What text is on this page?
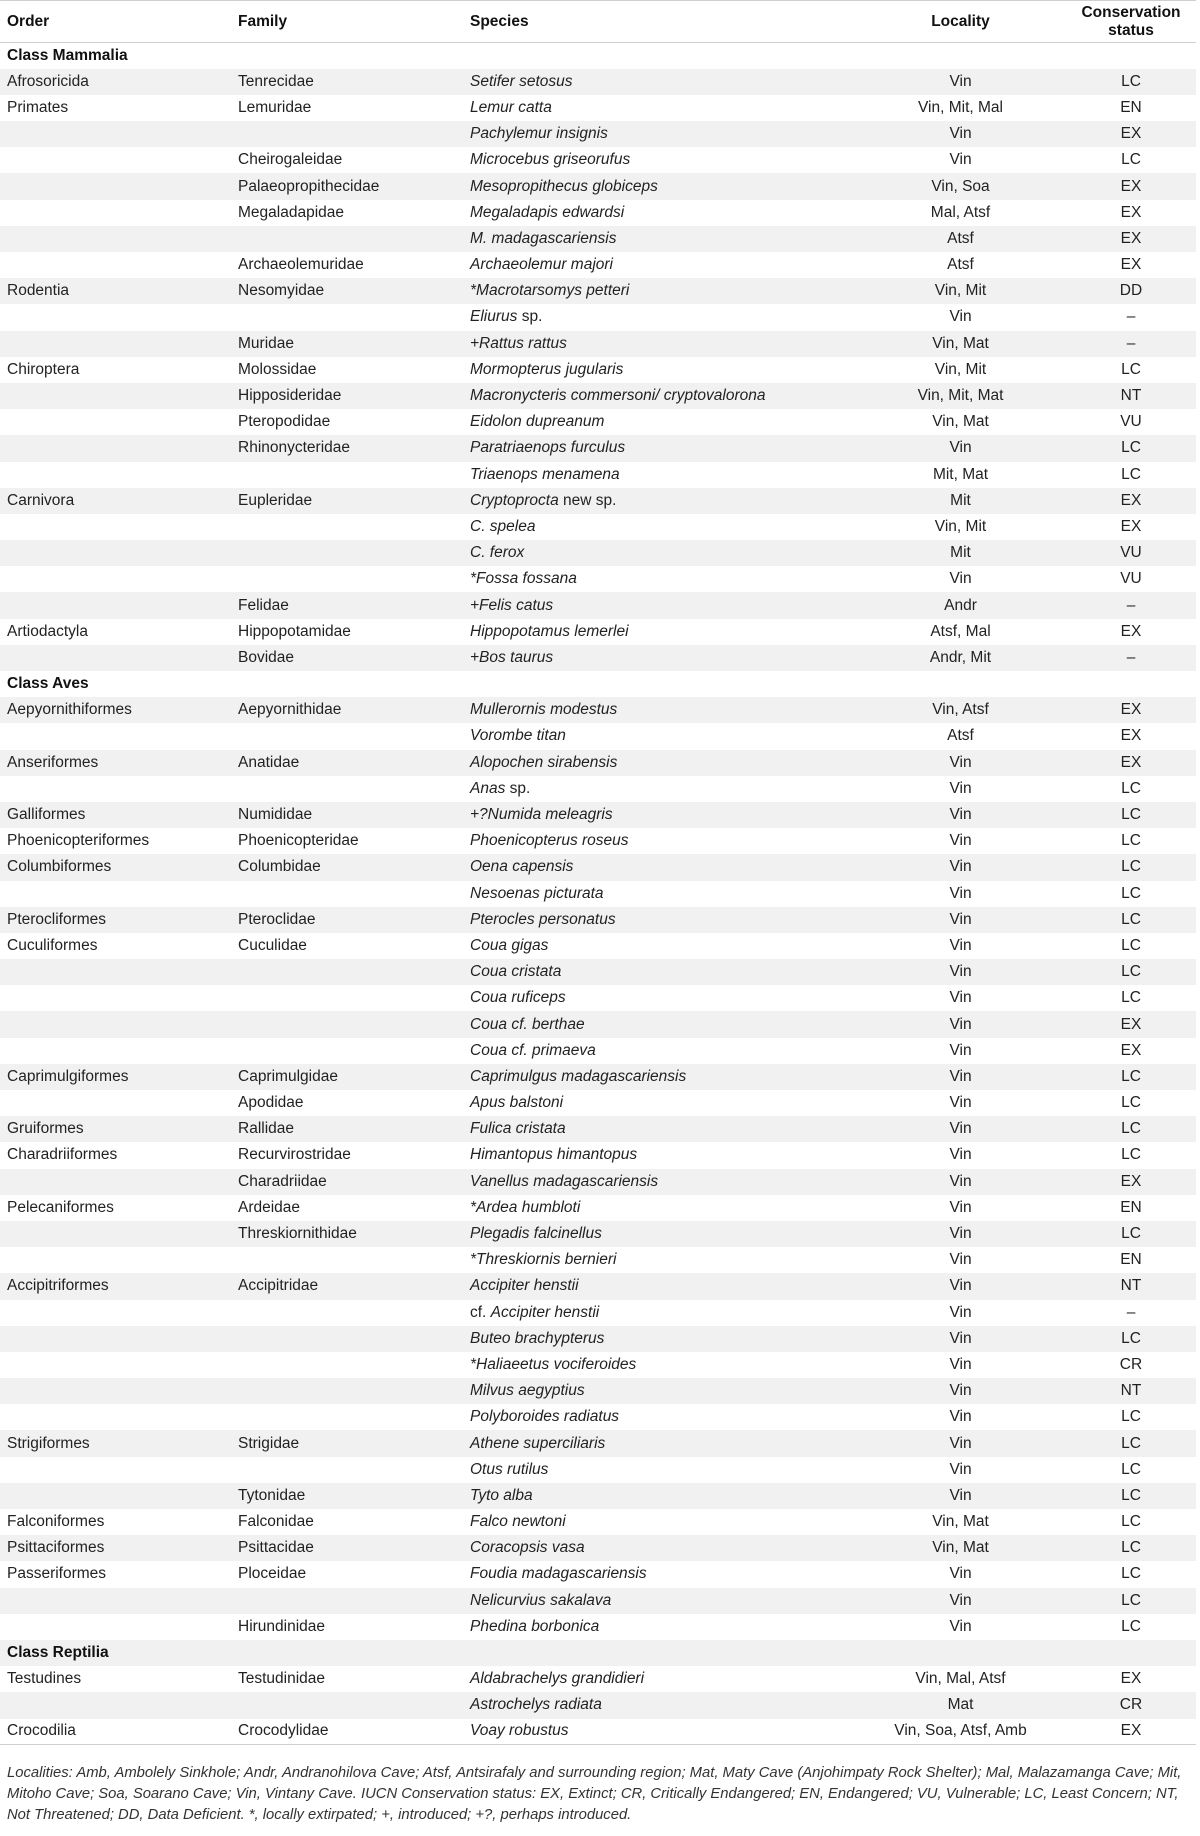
Order	Family	Species	Locality	Conservation status
Class Mammalia				
Afrosoricida	Tenrecidae	Setifer setosus	Vin	LC
Primates	Lemuridae	Lemur catta	Vin, Mit, Mal	EN
		Pachylemur insignis	Vin	EX
	Cheirogaleidae	Microcebus griseorufus	Vin	LC
	Palaeopropithecidae	Mesopropithecus globiceps	Vin, Soa	EX
	Megaladapidae	Megaladapis edwardsi	Mal, Atsf	EX
		M. madagascariensis	Atsf	EX
	Archaeolemuridae	Archaeolemur majori	Atsf	EX
Rodentia	Nesomyidae	*Macrotarsomys petteri	Vin, Mit	DD
		Eliurus sp.	Vin	–
	Muridae	+Rattus rattus	Vin, Mat	–
Chiroptera	Molossidae	Mormopterus jugularis	Vin, Mit	LC
	Hipposideridae	Macronycteris commersoni/ cryptovalorona	Vin, Mit, Mat	NT
	Pteropodidae	Eidolon dupreanum	Vin, Mat	VU
	Rhinonycteridae	Paratriaenops furculus	Vin	LC
		Triaenops menamena	Mit, Mat	LC
Carnivora	Eupleridae	Cryptoprocta new sp.	Mit	EX
		C. spelea	Vin, Mit	EX
		C. ferox	Mit	VU
		*Fossa fossana	Vin	VU
	Felidae	+Felis catus	Andr	–
Artiodactyla	Hippopotamidae	Hippopotamus lemerlei	Atsf, Mal	EX
	Bovidae	+Bos taurus	Andr, Mit	–
Class Aves				
Aepyornithiformes	Aepyornithidae	Mullerornis modestus	Vin, Atsf	EX
		Vorombe titan	Atsf	EX
Anseriformes	Anatidae	Alopochen sirabensis	Vin	EX
		Anas sp.	Vin	LC
Galliformes	Numididae	+?Numida meleagris	Vin	LC
Phoenicopteriformes	Phoenicopteridae	Phoenicopterus roseus	Vin	LC
Columbiformes	Columbidae	Oena capensis	Vin	LC
		Nesoenas picturata	Vin	LC
Pterocliformes	Pteroclidae	Pterocles personatus	Vin	LC
Cuculiformes	Cuculidae	Coua gigas	Vin	LC
		Coua cristata	Vin	LC
		Coua ruficeps	Vin	LC
		Coua cf. berthae	Vin	EX
		Coua cf. primaeva	Vin	EX
Caprimulgiformes	Caprimulgidae	Caprimulgus madagascariensis	Vin	LC
	Apodidae	Apus balstoni	Vin	LC
Gruiformes	Rallidae	Fulica cristata	Vin	LC
Charadriiformes	Recurvirostridae	Himantopus himantopus	Vin	LC
	Charadriidae	Vanellus madagascariensis	Vin	EX
Pelecaniformes	Ardeidae	*Ardea humbloti	Vin	EN
	Threskiornithidae	Plegadis falcinellus	Vin	LC
		*Threskiornis bernieri	Vin	EN
Accipitriformes	Accipitridae	Accipiter henstii	Vin	NT
		cf. Accipiter henstii	Vin	–
		Buteo brachypterus	Vin	LC
		*Haliaeetus vociferoides	Vin	CR
		Milvus aegyptius	Vin	NT
		Polyboroides radiatus	Vin	LC
Strigiformes	Strigidae	Athene superciliaris	Vin	LC
		Otus rutilus	Vin	LC
	Tytonidae	Tyto alba	Vin	LC
Falconiformes	Falconidae	Falco newtoni	Vin, Mat	LC
Psittaciformes	Psittacidae	Coracopsis vasa	Vin, Mat	LC
Passeriformes	Ploceidae	Foudia madagascariensis	Vin	LC
		Nelicurvius sakalava	Vin	LC
	Hirundinidae	Phedina borbonica	Vin	LC
Class Reptilia				
Testudines	Testudinidae	Aldabrachelys grandidieri	Vin, Mal, Atsf	EX
		Astrochelys radiata	Mat	CR
Crocodilia	Crocodylidae	Voay robustus	Vin, Soa, Atsf, Amb	EX

Localities: Amb, Ambolely Sinkhole; Andr, Andranohilova Cave; Atsf, Antsirafaly and surrounding region; Mat, Maty Cave (Anjohimpaty Rock Shelter); Mal, Malazamanga Cave; Mit, Mitoho Cave; Soa, Soarano Cave; Vin, Vintany Cave. IUCN Conservation status: EX, Extinct; CR, Critically Endangered; EN, Endangered; VU, Vulnerable; LC, Least Concern; NT, Not Threatened; DD, Data Deficient. *, locally extirpated; +, introduced; +?, perhaps introduced.
